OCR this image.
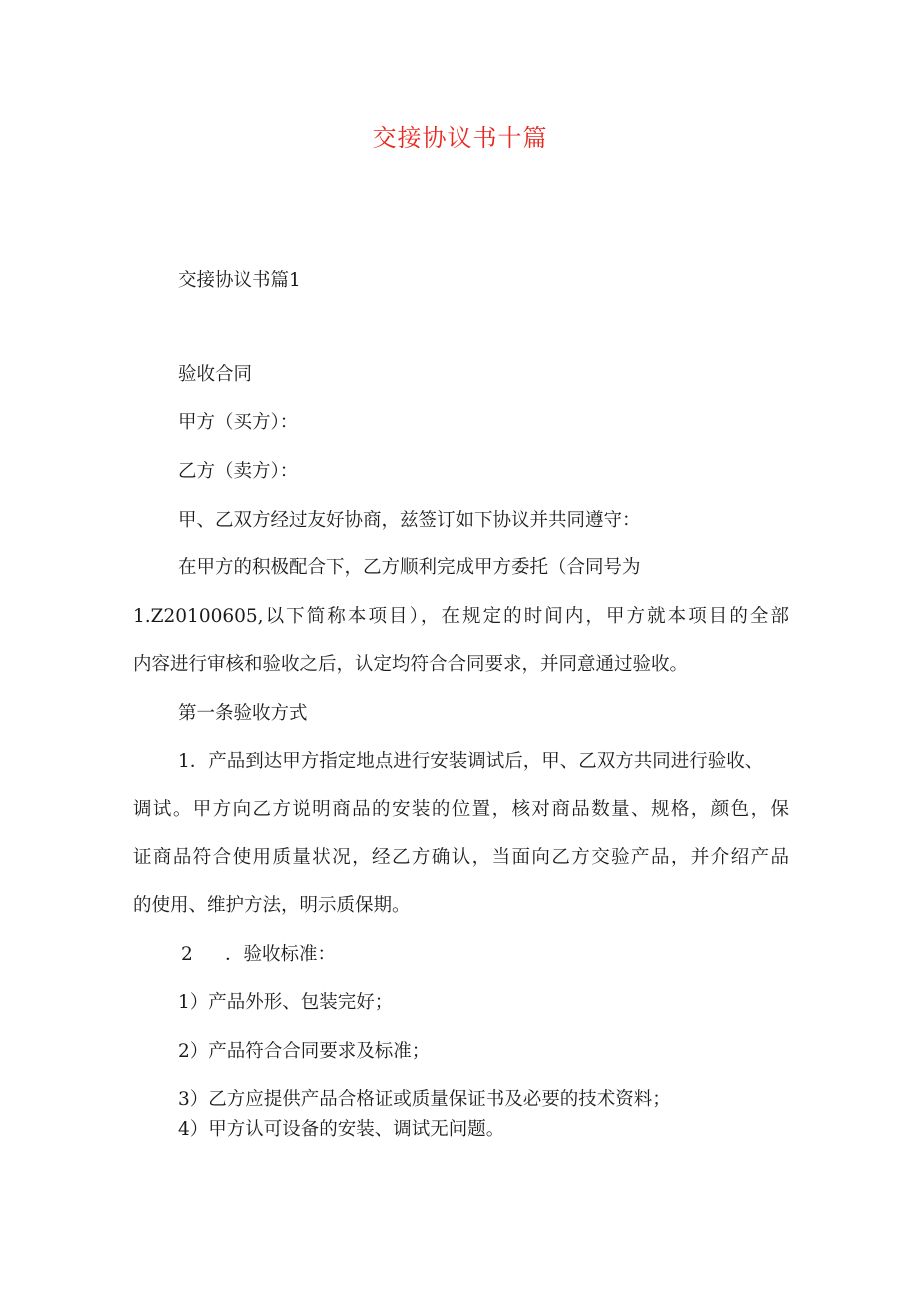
交接协议书十篇
交接协议书篇1
验收合同
甲方（买方）：
乙方（卖方）：
甲、乙双方经过友好协商，兹签订如下协议并共同遵守：
在甲方的积极配合下，乙方顺利完成甲方委托（合同号为
1.Z20100605,以下简称本项目），在规定的时间内，甲方就本项目的全部
内容进行审核和验收之后，认定均符合合同要求，并同意通过验收。
第一条验收方式
1．产品到达甲方指定地点进行安装调试后，甲、乙双方共同进行验收、
调试。甲方向乙方说明商品的安装的位置，核对商品数量、规格，颜色，保
证商品符合使用质量状况，经乙方确认，当面向乙方交验产品，并介绍产品
的使用、维护方法，明示质保期。
2 ．验收标准：
1）产品外形、包装完好；
2）产品符合合同要求及标准；
3）乙方应提供产品合格证或质量保证书及必要的技术资料；
4）甲方认可设备的安装、调试无问题。
